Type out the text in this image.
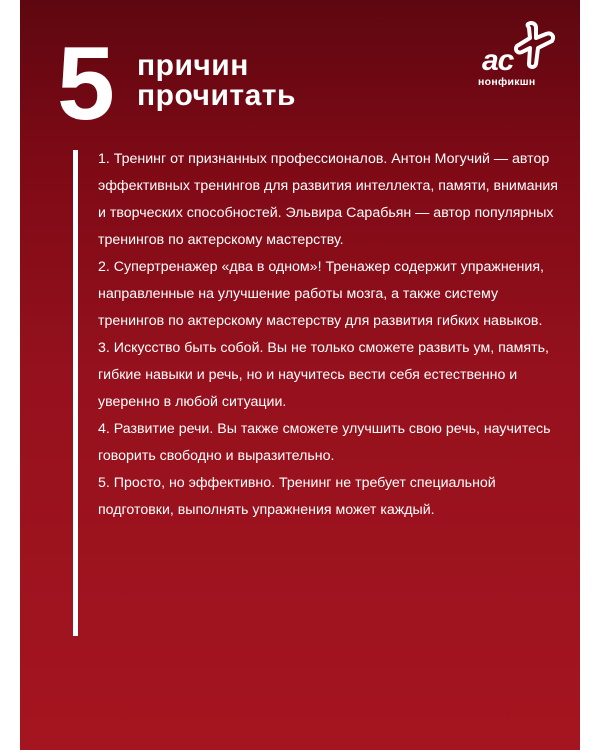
5 причин
прочитать
ас
нонфикшн
1. Тренинг от признанных профессионалов. Антон Могучий — автор эффективных тренингов для развития интеллекта, памяти, внимания и творческих способностей. Эльвира Сарабьян — автор популярных тренингов по актерскому мастерству.
2. Супертренажер «два в одном»! Тренажер содержит упражнения, направленные на улучшение работы мозга, а также систему тренингов по актерскому мастерству для развития гибких навыков.
3. Искусство быть собой. Вы не только сможете развить ум, память, гибкие навыки и речь, но и научитесь вести себя естественно и уверенно в любой ситуации.
4. Развитие речи. Вы также сможете улучшить свою речь, научитесь говорить свободно и выразительно.
5. Просто, но эффективно. Тренинг не требует специальной подготовки, выполнять упражнения может каждый.
